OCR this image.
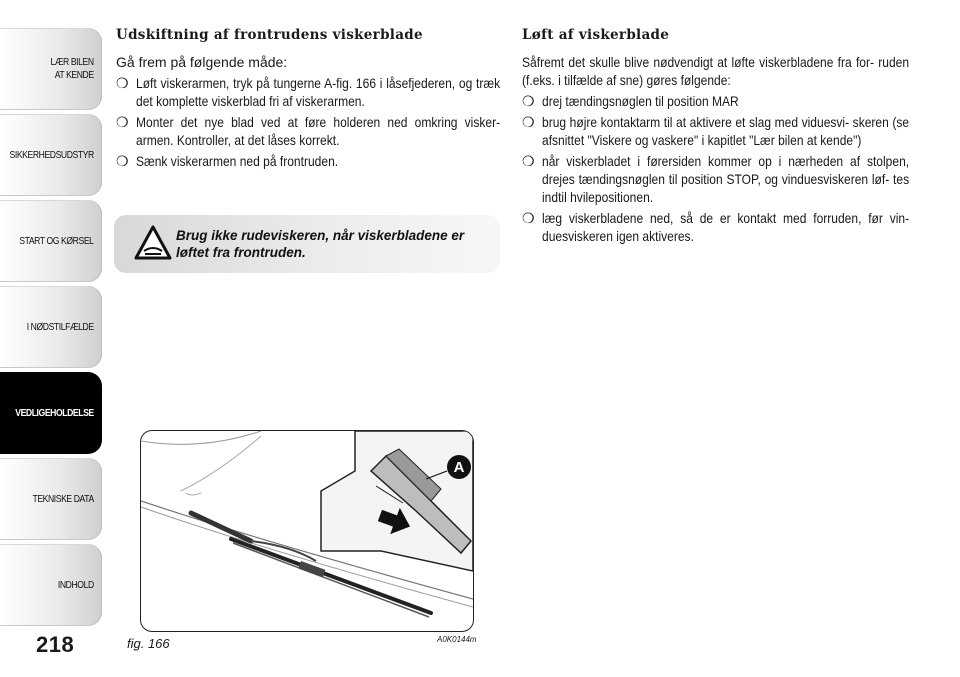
LÆR BILEN
AT KENDE
SIKKERHEDSUDSTYR
START OG KØRSEL
I NØDSTILFÆLDE
VEDLIGEHOLDELSE
TEKNISKE DATA
INDHOLD
218
Udskiftning af frontrudens viskerblade

Gå frem på følgende måde:

❍ Løft viskerarmen, tryk på tungerne A-fig. 166 i låsefjederen, og træk det komplette viskerblad fri af viskerarmen.
❍ Monter det nye blad ved at føre holderen ned omkring visker- armen. Kontroller, at det låses korrekt.
❍ Sænk viskerarmen ned på frontruden.
Brug ikke rudeviskeren, når viskerbladene er løftet fra frontruden.
Løft af viskerblade

Såfremt det skulle blive nødvendigt at løfte viskerbladene fra for- ruden (f.eks. i tilfælde af sne) gøres følgende:

❍ drej tændingsnøglen til position MAR
❍ brug højre kontaktarm til at aktivere et slag med viduesvi- skeren (se afsnittet "Viskere og vaskere" i kapitlet "Lær bilen at kende")
❍ når viskerbladet i førersiden kommer op i nærheden af stolpen, drejes tændingsnøglen til position STOP, og vinduesviskeren løf- tes indtil hvilepositionen.
❍ læg viskerbladene ned, så de er kontakt med forruden, før vin- duesviskeren igen aktiveres.
A
fig. 166	A0K0144m
